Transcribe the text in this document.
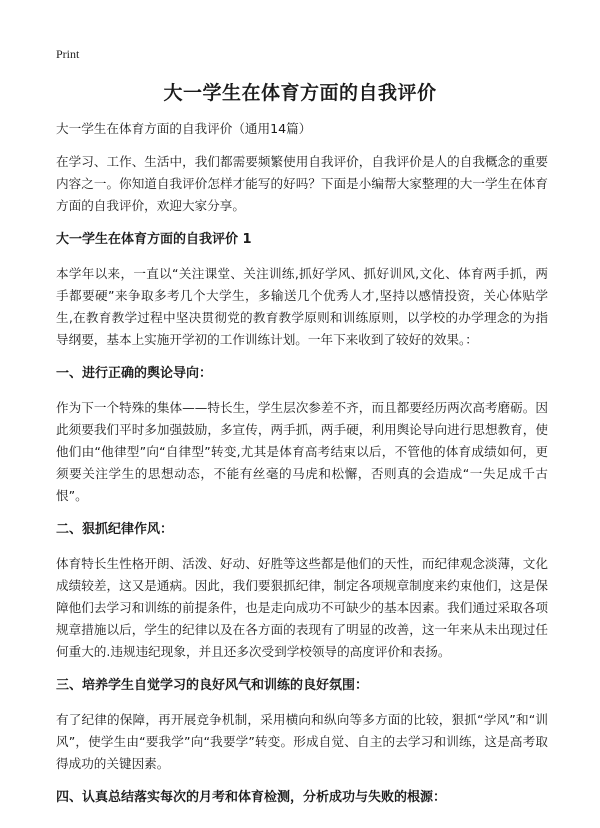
Print
大一学生在体育方面的自我评价

大一学生在体育方面的自我评价（通用14篇）

在学习、工作、生活中，我们都需要频繁使用自我评价，自我评价是人的自我概念的重要内容之一。你知道自我评价怎样才能写的好吗？下面是小编帮大家整理的大一学生在体育方面的自我评价，欢迎大家分享。

大一学生在体育方面的自我评价 1

本学年以来，一直以“关注课堂、关注训练,抓好学风、抓好训风,文化、体育两手抓，两手都要硬”来争取多考几个大学生，多输送几个优秀人才,坚持以感情投资，关心体贴学生,在教育教学过程中坚决贯彻党的教育教学原则和训练原则，以学校的办学理念的为指导纲要，基本上实施开学初的工作训练计划。一年下来收到了较好的效果。：

一、进行正确的舆论导向：

作为下一个特殊的集体——特长生，学生层次参差不齐，而且都要经历两次高考磨砺。因此须要我们平时多加强鼓励，多宣传，两手抓，两手硬，利用舆论导向进行思想教育，使他们由“他律型”向“自律型”转变,尤其是体育高考结束以后，不管他的体育成绩如何，更须要关注学生的思想动态，不能有丝毫的马虎和松懈，否则真的会造成“一失足成千古恨”。

二、狠抓纪律作风：

体育特长生性格开朗、活泼、好动、好胜等这些都是他们的天性，而纪律观念淡薄，文化成绩较差，这又是通病。因此，我们要狠抓纪律，制定各项规章制度来约束他们，这是保障他们去学习和训练的前提条件，也是走向成功不可缺少的基本因素。我们通过采取各项规章措施以后，学生的纪律以及在各方面的表现有了明显的改善，这一年来从未出现过任何重大的.违规违纪现象，并且还多次受到学校领导的高度评价和表扬。

三、培养学生自觉学习的良好风气和训练的良好氛围：

有了纪律的保障，再开展竞争机制，采用横向和纵向等多方面的比较，狠抓“学风”和“训风”，使学生由“要我学”向“我要学”转变。形成自觉、自主的去学习和训练，这是高考取得成功的关键因素。

四、认真总结落实每次的月考和体育检测，分析成功与失败的根源：
